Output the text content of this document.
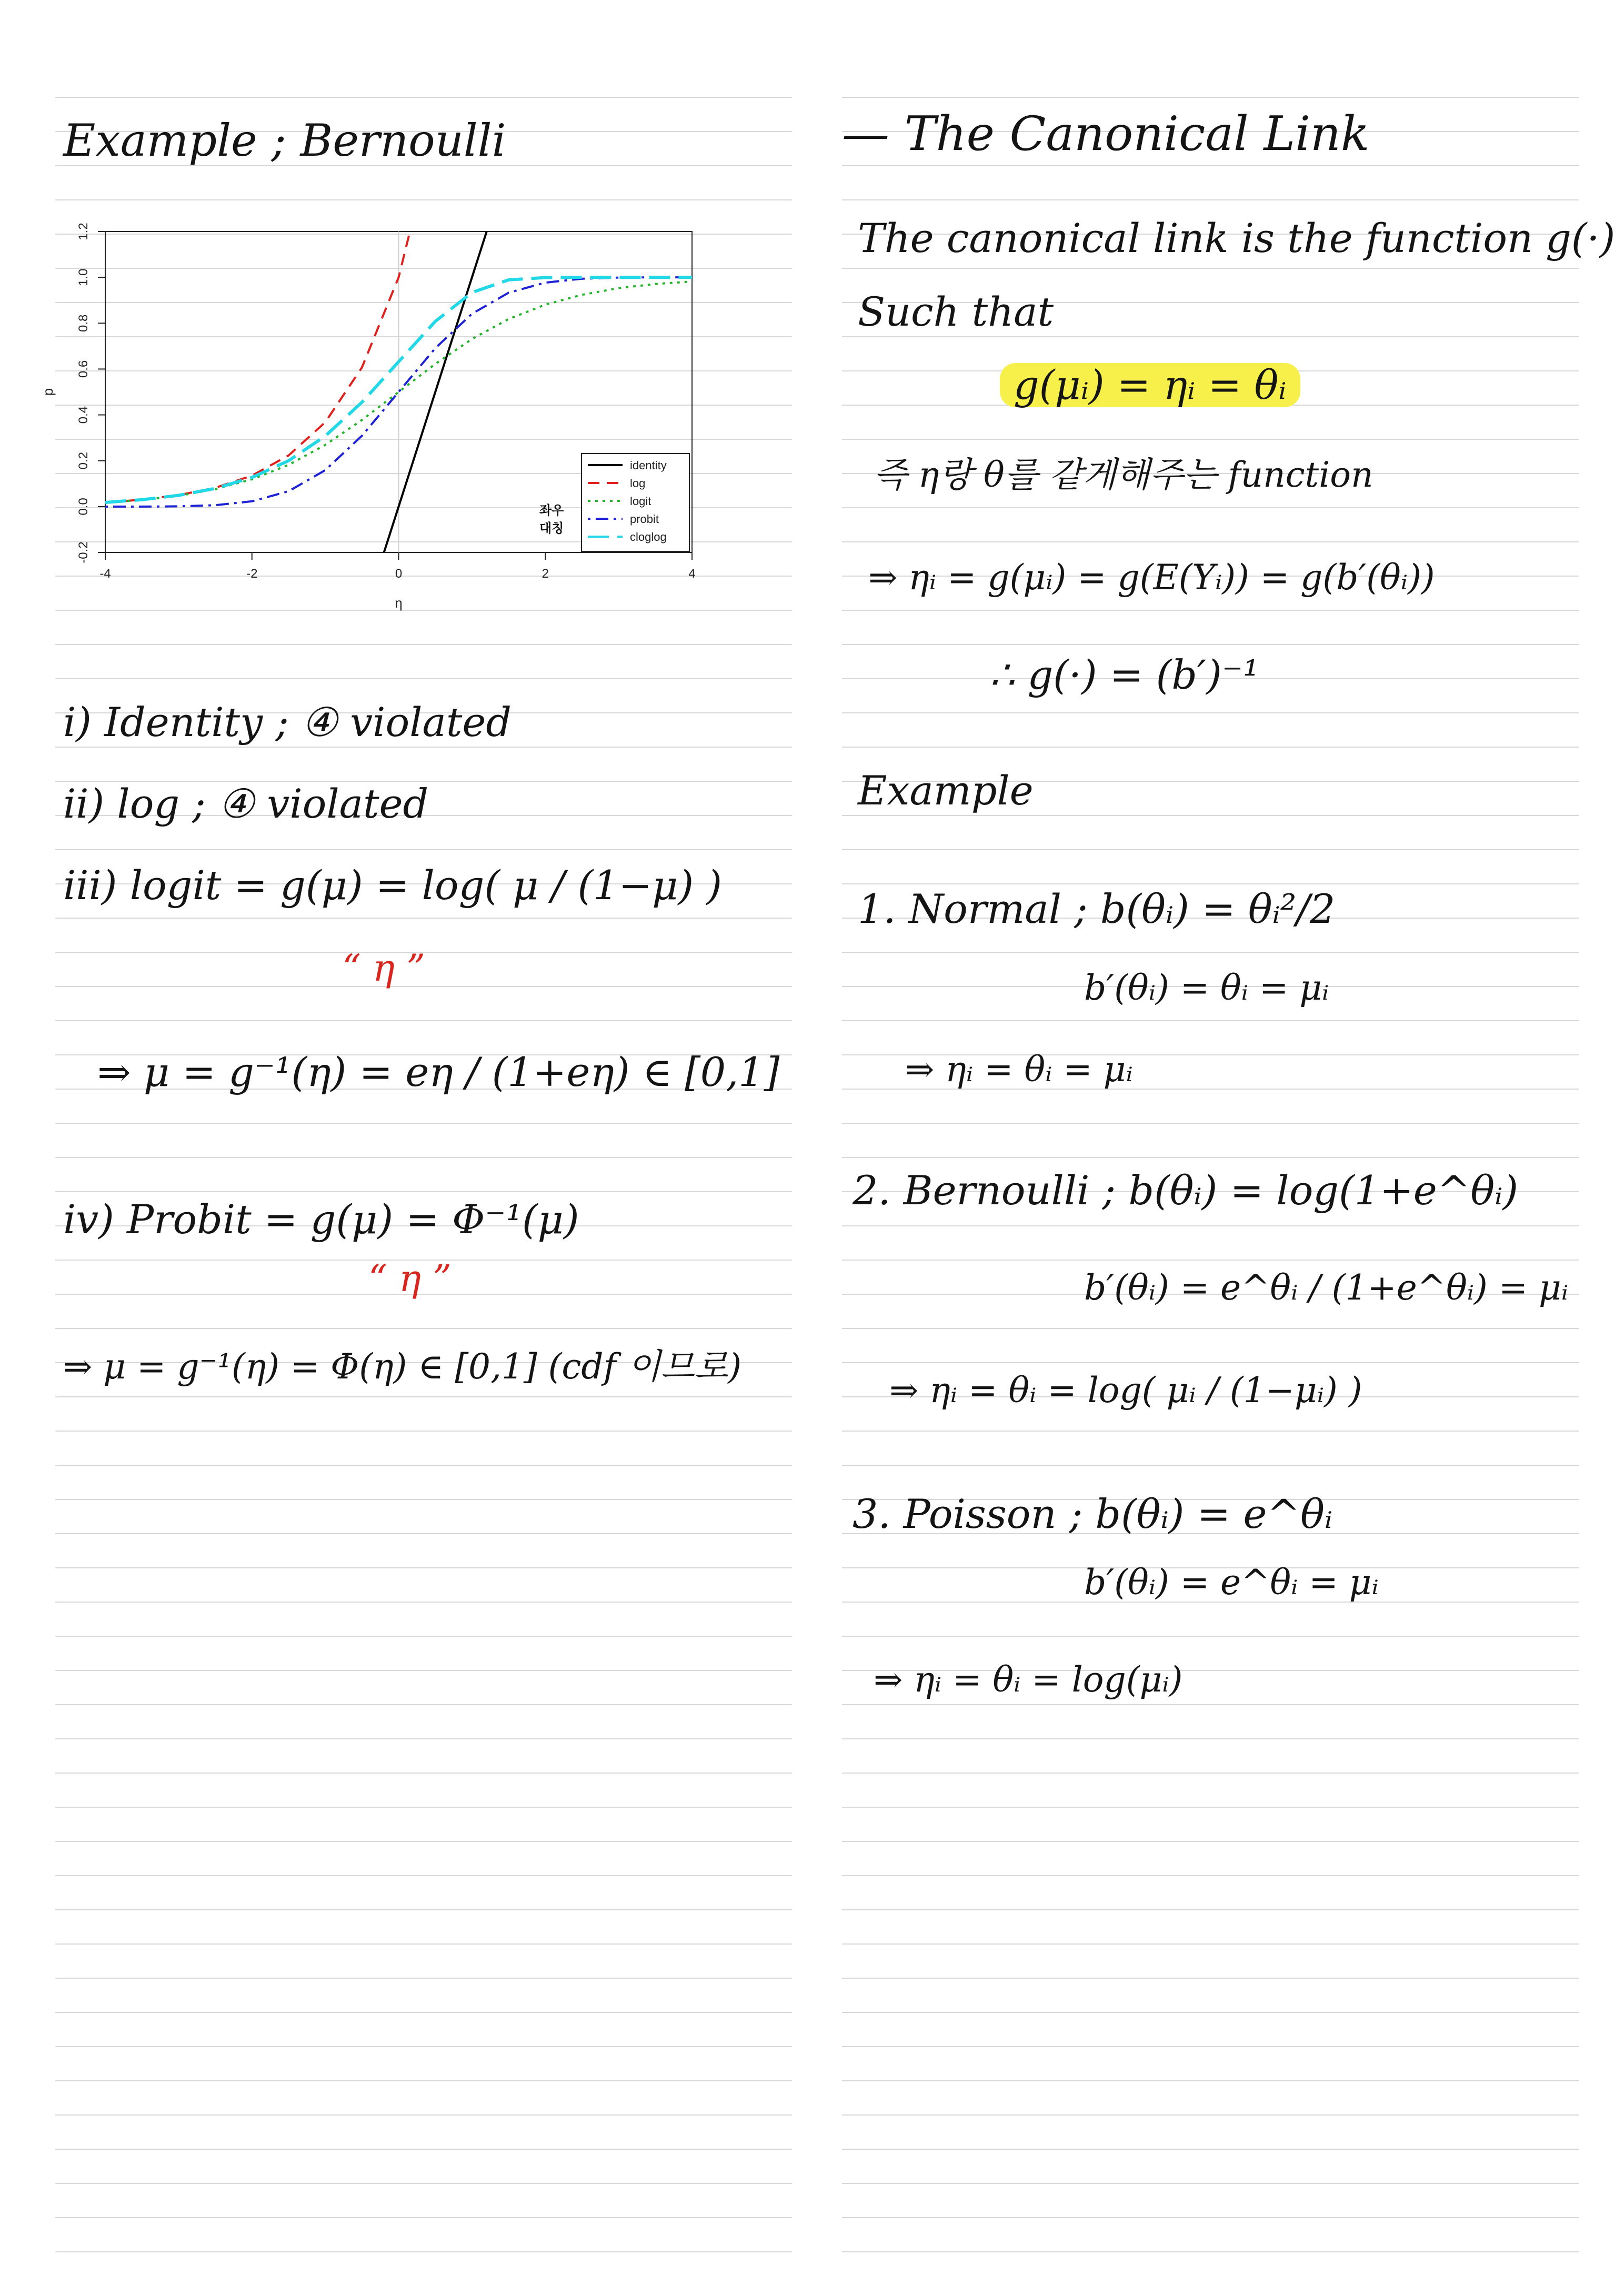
Example ; Bernoulli
-4	-2	0	2	4
-0.2
0.0
0.2
0.4
0.6
0.8
1.0
1.2
η
p
identity
log
logit
probit
cloglog
좌우
대칭
i) Identity ; ④ violated
ii) log ; ④ violated
iii) logit = g(μ) = log( μ / (1−μ) )
“ η ”
⇒ μ = g⁻¹(η) = eη / (1+eη) ∈ [0,1]
iv) Probit = g(μ) = Φ⁻¹(μ)
“ η ”
⇒ μ = g⁻¹(η) = Φ(η) ∈ [0,1] (cdf 이므로)
— The Canonical Link
The canonical link is the function g(·)
Such that
g(μᵢ) = ηᵢ = θᵢ
즉 η랑 θ를 같게해주는 function
⇒ ηᵢ = g(μᵢ) = g(E(Yᵢ)) = g(b′(θᵢ))
∴ g(·) = (b′)⁻¹
Example
1. Normal ; b(θᵢ) = θᵢ²/2
b′(θᵢ) = θᵢ = μᵢ
⇒ ηᵢ = θᵢ = μᵢ
2. Bernoulli ; b(θᵢ) = log(1+e^θᵢ)
b′(θᵢ) = e^θᵢ / (1+e^θᵢ) = μᵢ
⇒ ηᵢ = θᵢ = log( μᵢ / (1−μᵢ) )
3. Poisson ; b(θᵢ) = e^θᵢ
b′(θᵢ) = e^θᵢ = μᵢ
⇒ ηᵢ = θᵢ = log(μᵢ)
